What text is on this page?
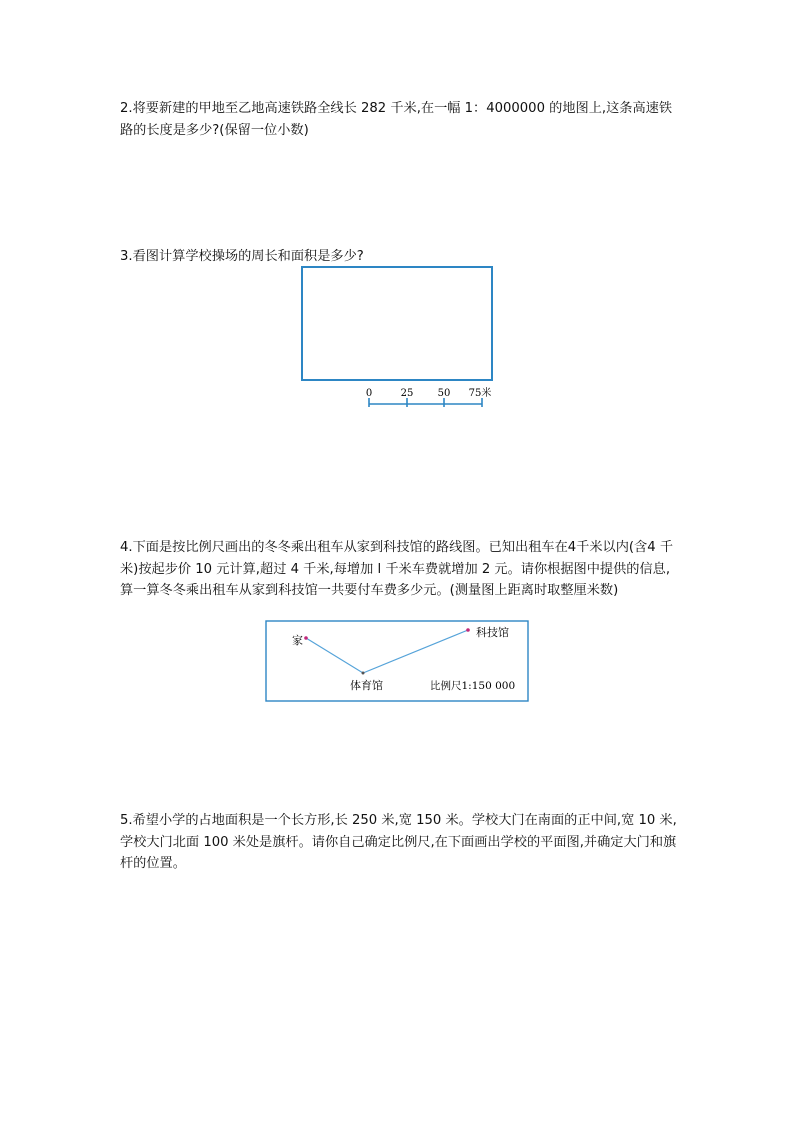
2.将要新建的甲地至乙地高速铁路全线长 282 千米,在一幅 1：4000000 的地图上,这条高速铁路的长度是多少?(保留一位小数)

3.看图计算学校操场的周长和面积是多少?

0	25 50 75米

4.下面是按比例尺画出的冬冬乘出租车从家到科技馆的路线图。已知出租车在4千米以内(含4 千米)按起步价 10 元计算,超过 4 千米,每增加 l 千米车费就增加 2 元。请你根据图中提供的信息,算一算冬冬乘出租车从家到科技馆一共要付车费多少元。(测量图上距离时取整厘米数)

家
体育馆
科技馆
比例尺1:150 000

5.希望小学的占地面积是一个长方形,长 250 米,宽 150 米。学校大门在南面的正中间,宽 10 米,学校大门北面 100 米处是旗杆。请你自己确定比例尺,在下面画出学校的平面图,并确定大门和旗杆的位置。
